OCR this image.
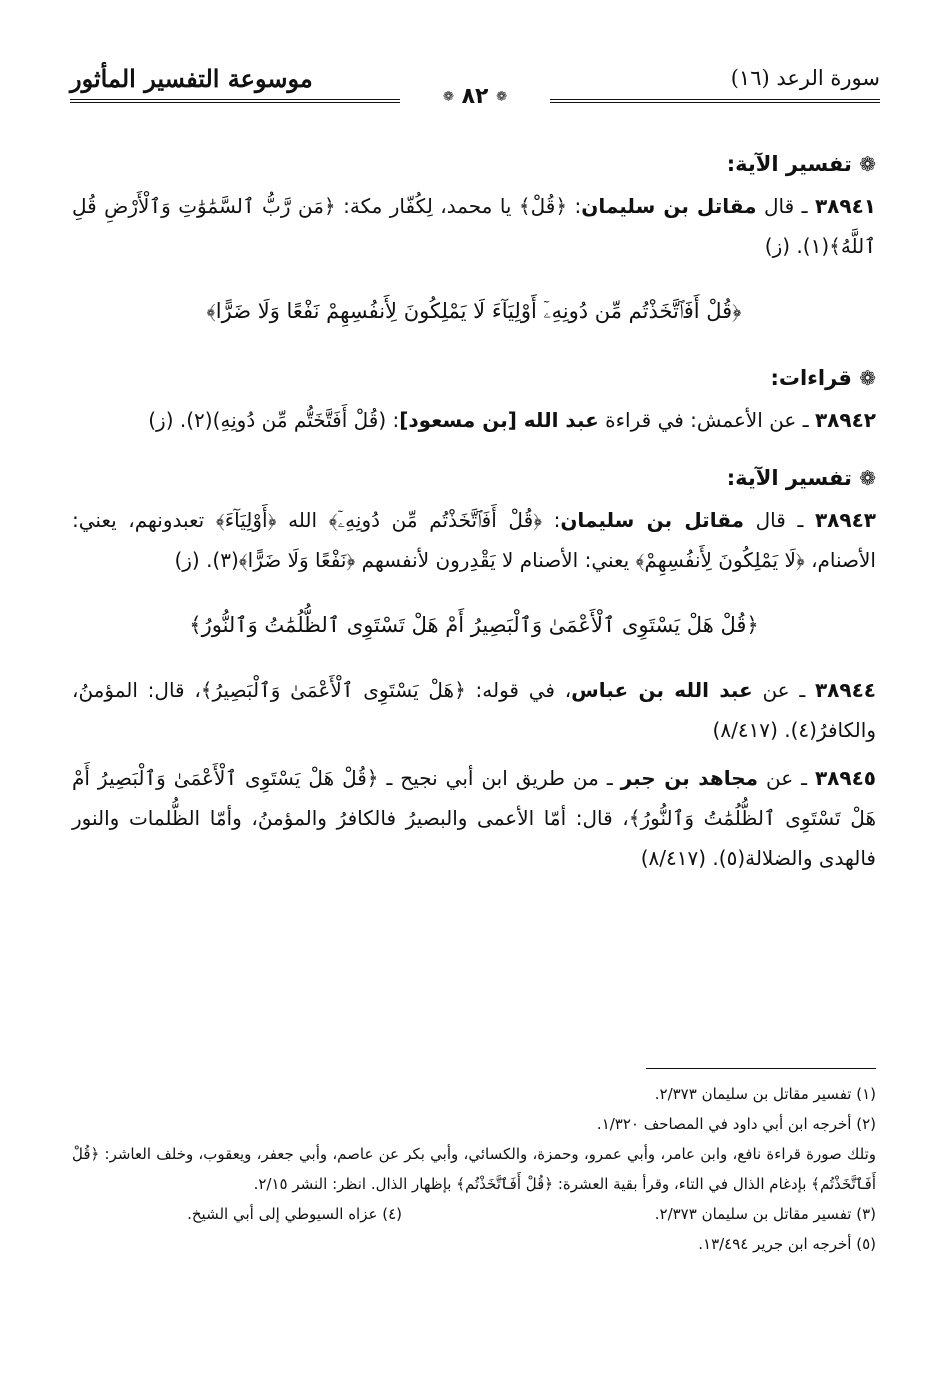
سورة الرعد (١٦)
موسوعة التفسير المأثور
❁ ٨٢ ❁
❁ تفسير الآية:

٣٨٩٤١ ـ قال مقاتل بن سليمان: ﴿قُلْ﴾ يا محمد، لِكُفّار مكة: ﴿مَن رَّبُّ ٱلسَّمَٰوَٰتِ وَٱلْأَرْضِ قُلِ ٱللَّهُ﴾(١). (ز)

﴿قُلْ أَفَٱتَّخَذْتُم مِّن دُونِهِۦٓ أَوْلِيَآءَ لَا يَمْلِكُونَ لِأَنفُسِهِمْ نَفْعًا وَلَا ضَرًّا﴾
❁ قراءات:

٣٨٩٤٢ ـ عن الأعمش: في قراءة عبد الله [بن مسعود]: (قُلْ أَفَتَّخَتُّم مِّن دُونِهِ)(٢). (ز)

❁ تفسير الآية:

٣٨٩٤٣ ـ قال مقاتل بن سليمان: ﴿قُلْ أَفَٱتَّخَذْتُم مِّن دُونِهِۦٓ﴾ الله ﴿أَوْلِيَآءَ﴾ تعبدونهم، يعني: الأصنام، ﴿لَا يَمْلِكُونَ لِأَنفُسِهِمْ﴾ يعني: الأصنام لا يَقْدِرون لأنفسهم ﴿نَفْعًا وَلَا ضَرًّا﴾(٣). (ز)

﴿قُلْ هَلْ يَسْتَوِى ٱلْأَعْمَىٰ وَٱلْبَصِيرُ أَمْ هَلْ تَسْتَوِى ٱلظُّلُمَٰتُ وَٱلنُّورُ﴾

٣٨٩٤٤ ـ عن عبد الله بن عباس، في قوله: ﴿هَلْ يَسْتَوِى ٱلْأَعْمَىٰ وَٱلْبَصِيرُ﴾، قال: المؤمنُ، والكافرُ(٤). (٨/٤١٧)

٣٨٩٤٥ ـ عن مجاهد بن جبر ـ من طريق ابن أبي نجيح ـ ﴿قُلْ هَلْ يَسْتَوِى ٱلْأَعْمَىٰ وَٱلْبَصِيرُ أَمْ هَلْ تَسْتَوِى ٱلظُّلُمَٰتُ وَٱلنُّورُ﴾، قال: أمّا الأعمى والبصيرُ فالكافرُ والمؤمنُ، وأمّا الظُّلمات والنور فالهدى والضلالة(٥). (٨/٤١٧)

(١) تفسير مقاتل بن سليمان ٢/٣٧٣.

(٢) أخرجه ابن أبي داود في المصاحف ١/٣٢٠.

وتلك صورة قراءة نافع، وابن عامر، وأبي عمرو، وحمزة، والكسائي، وأبي بكر عن عاصم، وأبي جعفر، ويعقوب، وخلف العاشر: ﴿قُلْ أَفَٱتَّخَذْتُم﴾ بإدغام الذال في التاء، وقرأ بقية العشرة: ﴿قُلْ أَفَٱتَّخَذْتُم﴾ بإظهار الذال. انظر: النشر ٢/١٥.

(٣) تفسير مقاتل بن سليمان ٢/٣٧٣.
(٤) عزاه السيوطي إلى أبي الشيخ.

(٥) أخرجه ابن جرير ١٣/٤٩٤.
